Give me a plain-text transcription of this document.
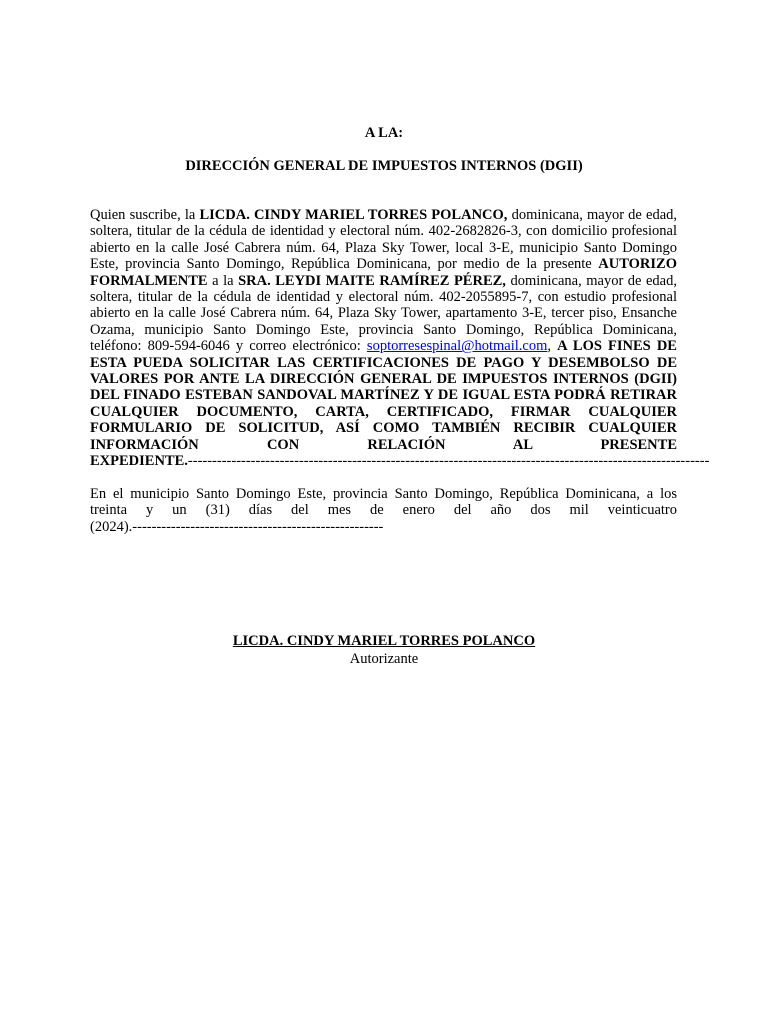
A LA:
DIRECCIÓN GENERAL DE IMPUESTOS INTERNOS (DGII)

Quien suscribe, la LICDA. CINDY MARIEL TORRES POLANCO, dominicana, mayor de edad, soltera, titular de la cédula de identidad y electoral núm. 402-2682826-3, con domicilio profesional abierto en la calle José Cabrera núm. 64, Plaza Sky Tower, local 3-E, municipio Santo Domingo Este, provincia Santo Domingo, República Dominicana, por medio de la presente AUTORIZO FORMALMENTE a la SRA. LEYDI MAITE RAMÍREZ PÉREZ, dominicana, mayor de edad, soltera, titular de la cédula de identidad y electoral núm. 402-2055895-7, con estudio profesional abierto en la calle José Cabrera núm. 64, Plaza Sky Tower, apartamento 3-E, tercer piso, Ensanche Ozama, municipio Santo Domingo Este, provincia Santo Domingo, República Dominicana, teléfono: 809-594-6046 y correo electrónico: soptorresespinal@hotmail.com, A LOS FINES DE ESTA PUEDA SOLICITAR LAS CERTIFICACIONES DE PAGO Y DESEMBOLSO DE VALORES POR ANTE LA DIRECCIÓN GENERAL DE IMPUESTOS INTERNOS (DGII) DEL FINADO ESTEBAN SANDOVAL MARTÍNEZ Y DE IGUAL ESTA PODRÁ RETIRAR CUALQUIER DOCUMENTO, CARTA, CERTIFICADO, FIRMAR CUALQUIER FORMULARIO DE SOLICITUD, ASÍ COMO TAMBIÉN RECIBIR CUALQUIER INFORMACIÓN CON RELACIÓN AL PRESENTE EXPEDIENTE.------------------------------------------------------------------------------------------------------------

En el municipio Santo Domingo Este, provincia Santo Domingo, República Dominicana, a los treinta y un (31) días del mes de enero del año dos mil veinticuatro (2024).----------------------------------------------------

LICDA. CINDY MARIEL TORRES POLANCO
Autorizante
